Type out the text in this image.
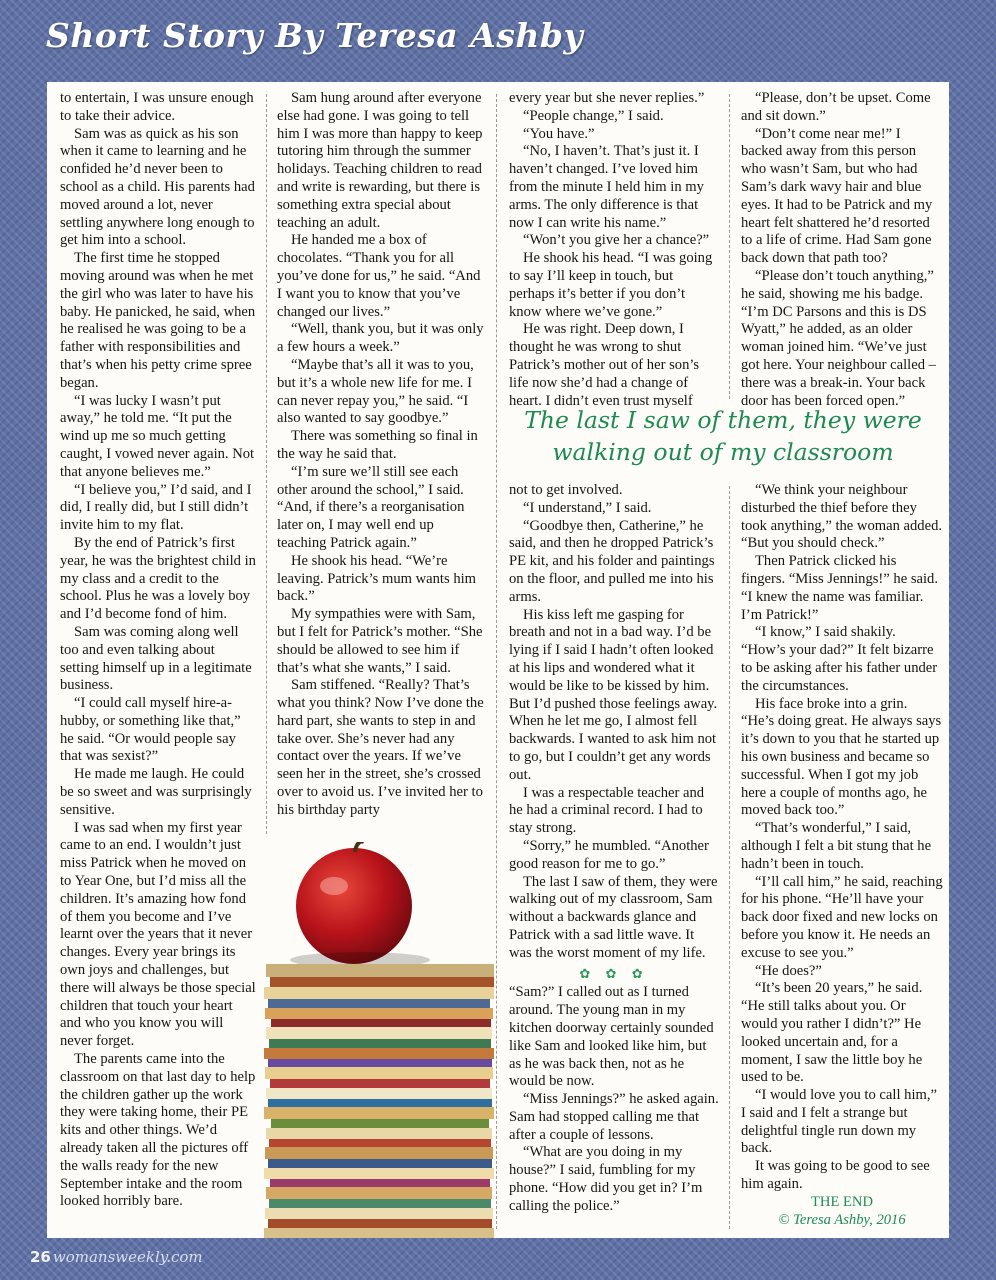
Short Story By Teresa Ashby

to entertain, I was unsure enough to take their advice.

Sam was as quick as his son when it came to learning and he confided he’d never been to school as a child. His parents had moved around a lot, never settling anywhere long enough to get him into a school.

The first time he stopped moving around was when he met the girl who was later to have his baby. He panicked, he said, when he realised he was going to be a father with responsibilities and that’s when his petty crime spree began.

“I was lucky I wasn’t put away,” he told me. “It put the wind up me so much getting caught, I vowed never again. Not that anyone believes me.”

“I believe you,” I’d said, and I did, I really did, but I still didn’t invite him to my flat.

By the end of Patrick’s first year, he was the brightest child in my class and a credit to the school. Plus he was a lovely boy and I’d become fond of him.

Sam was coming along well too and even talking about setting himself up in a legitimate business.

“I could call myself hire-a-hubby, or something like that,” he said. “Or would people say that was sexist?”

He made me laugh. He could be so sweet and was surprisingly sensitive.

I was sad when my first year came to an end. I wouldn’t just miss Patrick when he moved on to Year One, but I’d miss all the children. It’s amazing how fond of them you become and I’ve learnt over the years that it never changes. Every year brings its own joys and challenges, but there will always be those special children that touch your heart and who you know you will never forget.

The parents came into the classroom on that last day to help the children gather up the work they were taking home, their PE kits and other things. We’d already taken all the pictures off the walls ready for the new September intake and the room looked horribly bare.

Sam hung around after everyone else had gone. I was going to tell him I was more than happy to keep tutoring him through the summer holidays. Teaching children to read and write is rewarding, but there is something extra special about teaching an adult.

He handed me a box of chocolates. “Thank you for all you’ve done for us,” he said. “And I want you to know that you’ve changed our lives.”

“Well, thank you, but it was only a few hours a week.”

“Maybe that’s all it was to you, but it’s a whole new life for me. I can never repay you,” he said. “I also wanted to say goodbye.”

There was something so final in the way he said that.

“I’m sure we’ll still see each other around the school,” I said. “And, if there’s a reorganisation later on, I may well end up teaching Patrick again.”

He shook his head. “We’re leaving. Patrick’s mum wants him back.”

My sympathies were with Sam, but I felt for Patrick’s mother. “She should be allowed to see him if that’s what she wants,” I said.

Sam stiffened. “Really? That’s what you think? Now I’ve done the hard part, she wants to step in and take over. She’s never had any contact over the years. If we’ve seen her in the street, she’s crossed over to avoid us. I’ve invited her to his birthday party

every year but she never replies.”

“People change,” I said.

“You have.”

“No, I haven’t. That’s just it. I haven’t changed. I’ve loved him from the minute I held him in my arms. The only difference is that now I can write his name.”

“Won’t you give her a chance?”

He shook his head. “I was going to say I’ll keep in touch, but perhaps it’s better if you don’t know where we’ve gone.”

He was right. Deep down, I thought he was wrong to shut Patrick’s mother out of her son’s life now she’d had a change of heart. I didn’t even trust myself

“Please, don’t be upset. Come and sit down.”

“Don’t come near me!” I backed away from this person who wasn’t Sam, but who had Sam’s dark wavy hair and blue eyes. It had to be Patrick and my heart felt shattered he’d resorted to a life of crime. Had Sam gone back down that path too?

“Please don’t touch anything,” he said, showing me his badge. “I’m DC Parsons and this is DS Wyatt,” he added, as an older woman joined him. “We’ve just got here. Your neighbour called – there was a break-in. Your back door has been forced open.”

The last I saw of them, they were
walking out of my classroom

not to get involved.

“I understand,” I said.

“Goodbye then, Catherine,” he said, and then he dropped Patrick’s PE kit, and his folder and paintings on the floor, and pulled me into his arms.

His kiss left me gasping for breath and not in a bad way. I’d be lying if I said I hadn’t often looked at his lips and wondered what it would be like to be kissed by him. But I’d pushed those feelings away. When he let me go, I almost fell backwards. I wanted to ask him not to go, but I couldn’t get any words out.

I was a respectable teacher and he had a criminal record. I had to stay strong.

“Sorry,” he mumbled. “Another good reason for me to go.”

The last I saw of them, they were walking out of my classroom, Sam without a backwards glance and Patrick with a sad little wave. It was the worst moment of my life.

✿ ✿ ✿

“Sam?” I called out as I turned around. The young man in my kitchen doorway certainly sounded like Sam and looked like him, but as he was back then, not as he would be now.

“Miss Jennings?” he asked again. Sam had stopped calling me that after a couple of lessons.

“What are you doing in my house?” I said, fumbling for my phone. “How did you get in? I’m calling the police.”

“We think your neighbour disturbed the thief before they took anything,” the woman added. “But you should check.”

Then Patrick clicked his fingers. “Miss Jennings!” he said. “I knew the name was familiar. I’m Patrick!”

“I know,” I said shakily. “How’s your dad?” It felt bizarre to be asking after his father under the circumstances.

His face broke into a grin. “He’s doing great. He always says it’s down to you that he started up his own business and became so successful. When I got my job here a couple of months ago, he moved back too.”

“That’s wonderful,” I said, although I felt a bit stung that he hadn’t been in touch.

“I’ll call him,” he said, reaching for his phone. “He’ll have your back door fixed and new locks on before you know it. He needs an excuse to see you.”

“He does?”

“It’s been 20 years,” he said. “He still talks about you. Or would you rather I didn’t?” He looked uncertain and, for a moment, I saw the little boy he used to be.

“I would love you to call him,” I said and I felt a strange but delightful tingle run down my back.

It was going to be good to see him again.

THE END

© Teresa Ashby, 2016

26 womansweekly.com
